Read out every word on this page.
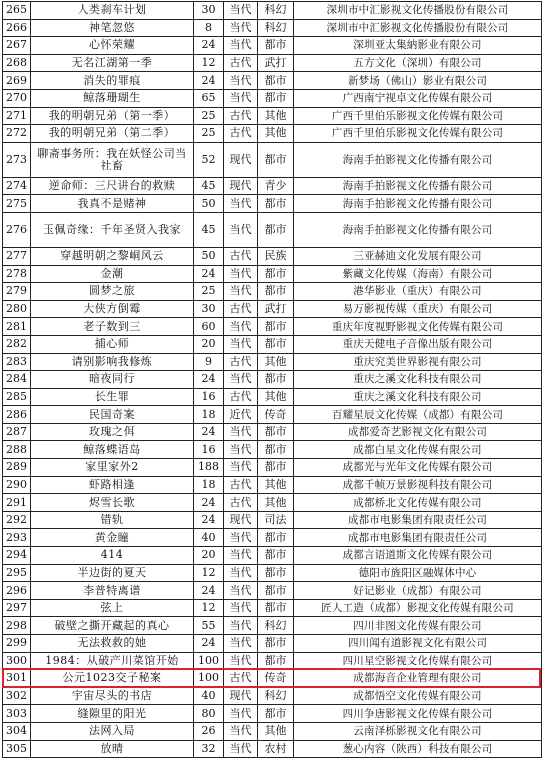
265	人类刹车计划	30	当代	科幻	深圳市中汇影视文化传播股份有限公司
266	神笔忽悠	8	当代	科幻	深圳市中汇影视文化传播股份有限公司
267	心怀荣耀	24	当代	都市	深圳亚太集納影业有限公司
268	无名江湖第一季	12	古代	武打	五方文化（深圳）有限公司
269	消失的罪痕	24	当代	都市	新梦场（佛山）影业有限公司
270	鲸落珊瑚生	65	当代	都市	广西南宁视卓文化传媒有限公司
271	我的明朝兄弟（第一季）	25	古代	其他	广西千里伯乐影视文化传媒有限公司
272	我的明朝兄弟（第二季）	25	古代	其他	广西千里伯乐影视文化传媒有限公司
273	聊斋事务所：我在妖怪公司当社畜	52	现代	都市	海南手拍影视文化传播有限公司
274	逆命师：三尺讲台的救赎	45	现代	青少	海南手拍影视文化传播有限公司
275	我真不是赌神	50	当代	都市	海南手拍影视文化传播有限公司
276	玉佩奇缘：千年圣贤入我家	45	当代	都市	海南手拍影视文化传播有限公司
277	穿越明朝之黎峒风云	50	古代	民族	三亚赫迪文化发展有限公司
278	金潮	24	当代	都市	紫藏文化传媒（海南）有限公司
279	圆梦之旅	25	当代	都市	港华影业（重庆）有限公司
280	大侠方倒霉	30	古代	武打	易万影视传媒（重庆）有限公司
281	老子数到三	60	当代	都市	重庆年度视野影视文化传媒有限公司
282	捕心师	20	当代	都市	重庆天健电子音像出版有限公司
283	请别影响我修炼	9	古代	其他	重庆究美世界影视有限公司
284	暗夜同行	24	当代	都市	重庆之溪文化科技有限公司
285	长生罪	16	古代	其他	重庆之溪文化科技有限公司
286	民国奇案	18	近代	传奇	百耀星辰文化传媒（成都）有限公司
287	玫瑰之佴	24	当代	都市	成都爱奇艺影视文化有限公司
288	鲸落蝶语岛	16	当代	都市	成都白星文化传媒有限公司
289	家里家外2	188	当代	都市	成都光与光年文化传媒有限公司
290	虾路相逢	18	古代	其他	成都千帧万景影视科技有限公司
291	烬雪长歌	24	古代	其他	成都桥北文化传媒有限公司
292	错轨	24	现代	司法	成都市电影集团有限责任公司
293	黄金瞳	40	当代	都市	成都市电影集团有限责任公司
294	414	20	当代	都市	成都言语道斯文化传媒有限公司
295	半边街的夏天	12	当代	都市	德阳市旌阳区融媒体中心
296	李普特离谱	24	当代	都市	好记影业（成都）有限公司
297	弦上	12	当代	都市	匠人工造（成都）影视文化传媒有限公司
298	破壁之撕开藏起的真心	55	当代	科幻	四川非图文化传媒有限公司
299	无法救救的她	24	当代	都市	四川闻有道影视文化有限公司
300	1984：从破产川菜馆开始	100	当代	都市	四川星空影视文化传媒有限公司
301	公元1023交子秘案	100	古代	传奇	成都海音企业管理有限公司
302	宇宙尽头的书店	40	现代	科幻	成都悟空文化传媒有限公司
303	缝隙里的阳光	80	当代	都市	四川争唐影视文化传媒有限公司
304	法网入局	26	当代	其他	云南泽栎影视文化有限公司
305	放晴	32	当代	农村	葱心内容（陕西）科技有限公司
